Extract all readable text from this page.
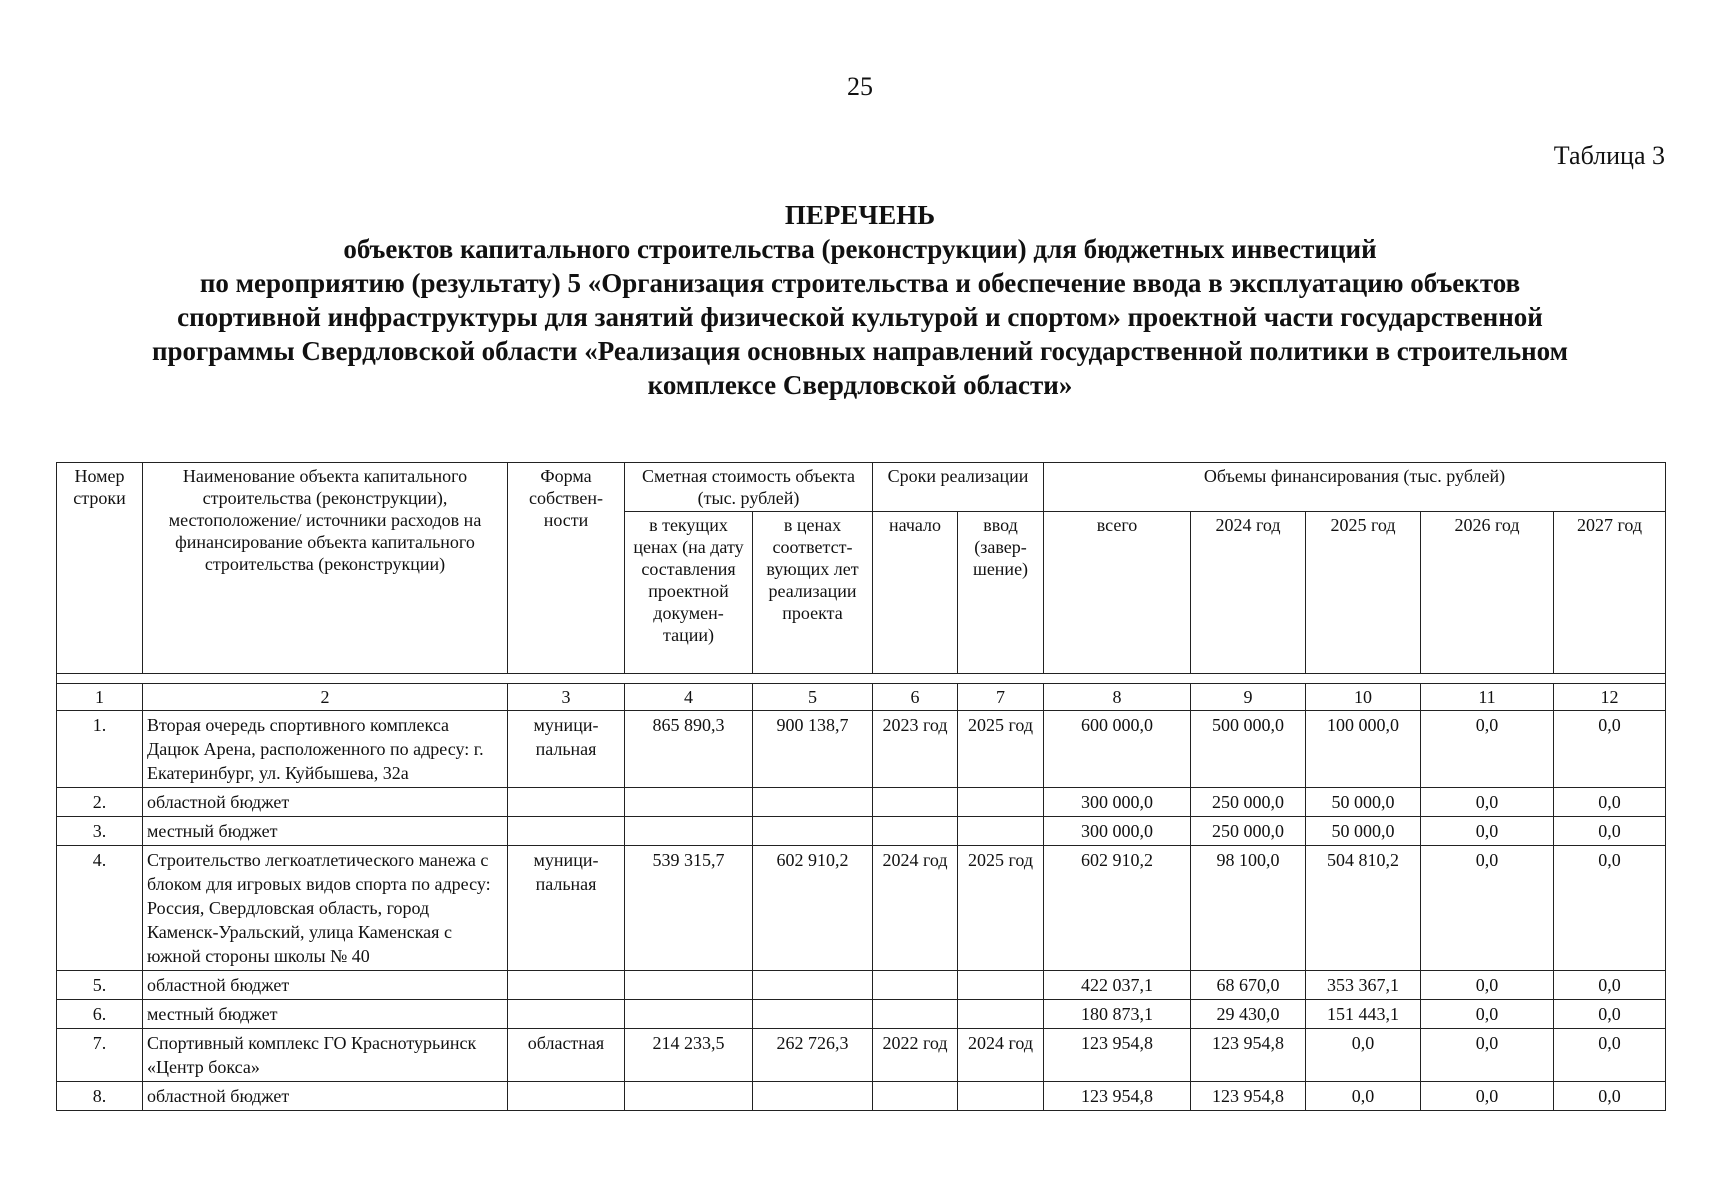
25
Таблица 3
ПЕРЕЧЕНЬ
объектов капитального строительства (реконструкции) для бюджетных инвестиций
по мероприятию (результату) 5 «Организация строительства и обеспечение ввода в эксплуатацию объектов
спортивной инфраструктуры для занятий физической культурой и спортом» проектной части государственной
программы Свердловской области «Реализация основных направлений государственной политики в строительном
комплексе Свердловской области»
Номер строки	Наименование объекта капитального строительства (реконструкции), местоположение/ источники расходов на финансирование объекта капитального строительства (реконструкции)	Форма собствен-ности	Сметная стоимость объекта (тыс. рублей)		Сроки реализации		Объемы финансирования (тыс. рублей)				
			в текущих ценах (на дату составления проектной докумен-тации)	в ценах соответст-вующих лет реализации проекта	начало	ввод (завер-шение)	всего	2024 год	2025 год	2026 год	2027 год

1	2	3	4	5	6	7	8	9	10	11	12
1.	Вторая очередь спортивного комплекса Дацюк Арена, расположенного по адресу: г. Екатеринбург, ул. Куйбышева, 32а	муници-пальная	865 890,3	900 138,7	2023 год	2025 год	600 000,0	500 000,0	100 000,0	0,0	0,0
2.	областной бюджет						300 000,0	250 000,0	50 000,0	0,0	0,0
3.	местный бюджет						300 000,0	250 000,0	50 000,0	0,0	0,0
4.	Строительство легкоатлетического манежа с блоком для игровых видов спорта по адресу: Россия, Свердловская область, город Каменск-Уральский, улица Каменская с южной стороны школы № 40	муници-пальная	539 315,7	602 910,2	2024 год	2025 год	602 910,2	98 100,0	504 810,2	0,0	0,0
5.	областной бюджет						422 037,1	68 670,0	353 367,1	0,0	0,0
6.	местный бюджет						180 873,1	29 430,0	151 443,1	0,0	0,0
7.	Спортивный комплекс ГО Краснотурьинск «Центр бокса»	областная	214 233,5	262 726,3	2022 год	2024 год	123 954,8	123 954,8	0,0	0,0	0,0
8.	областной бюджет						123 954,8	123 954,8	0,0	0,0	0,0
